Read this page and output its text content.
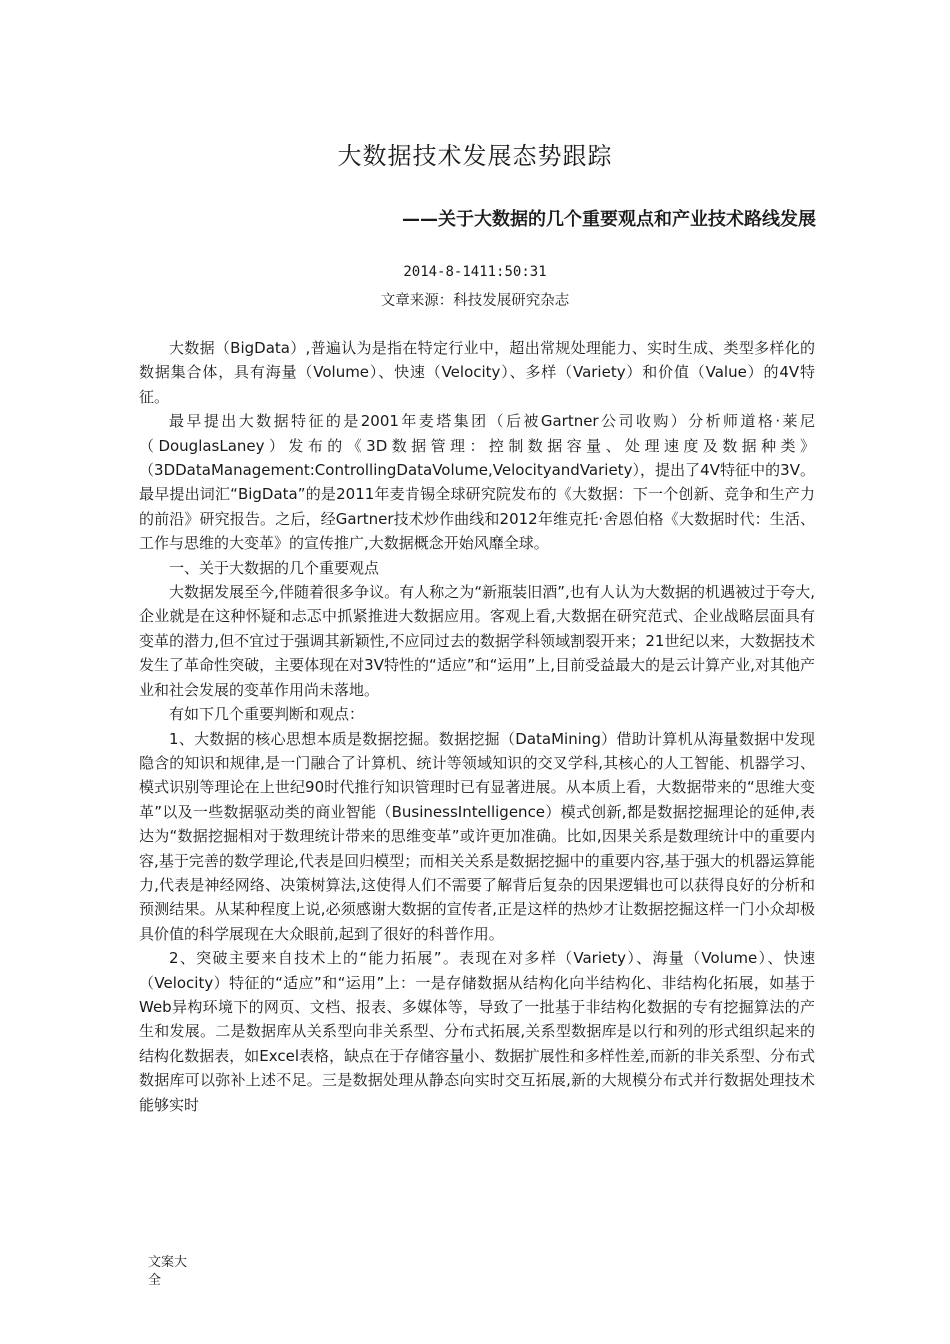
大数据技术发展态势跟踪
——关于大数据的几个重要观点和产业技术路线发展
2014-8-1411:50:31
文章来源：科技发展研究杂志

大数据（BigData）,普遍认为是指在特定行业中，超出常规处理能力、实时生成、类型多样化的数据集合体，具有海量（Volume）、快速（Velocity）、多样（Variety）和价值（Value）的4V特征。

最早提出大数据特征的是2001年麦塔集团（后被Gartner公司收购）分析师道格·莱尼（DouglasLaney）发布的《3D数据管理：控制数据容量、处理速度及数据种类》（3DDataManagement:ControllingDataVolume,VelocityandVariety），提出了4V特征中的3V。最早提出词汇“BigData”的是2011年麦肯锡全球研究院发布的《大数据：下一个创新、竞争和生产力的前沿》研究报告。之后，经Gartner技术炒作曲线和2012年维克托·舍恩伯格《大数据时代：生活、工作与思维的大变革》的宣传推广,大数据概念开始风靡全球。

一、关于大数据的几个重要观点

大数据发展至今,伴随着很多争议。有人称之为“新瓶装旧酒”,也有人认为大数据的机遇被过于夸大,企业就是在这种怀疑和忐忑中抓紧推进大数据应用。客观上看,大数据在研究范式、企业战略层面具有变革的潜力,但不宜过于强调其新颖性,不应同过去的数据学科领域割裂开来；21世纪以来，大数据技术发生了革命性突破，主要体现在对3V特性的“适应”和“运用”上,目前受益最大的是云计算产业,对其他产业和社会发展的变革作用尚未落地。

有如下几个重要判断和观点：

1、大数据的核心思想本质是数据挖掘。数据挖掘（DataMining）借助计算机从海量数据中发现隐含的知识和规律,是一门融合了计算机、统计等领域知识的交叉学科,其核心的人工智能、机器学习、模式识别等理论在上世纪90时代推行知识管理时已有显著进展。从本质上看，大数据带来的“思维大变革”以及一些数据驱动类的商业智能（BusinessIntelligence）模式创新,都是数据挖掘理论的延伸,表达为“数据挖掘相对于数理统计带来的思维变革”或许更加准确。比如,因果关系是数理统计中的重要内容,基于完善的数学理论,代表是回归模型；而相关关系是数据挖掘中的重要内容,基于强大的机器运算能力,代表是神经网络、决策树算法,这使得人们不需要了解背后复杂的因果逻辑也可以获得良好的分析和预测结果。从某种程度上说,必须感谢大数据的宣传者,正是这样的热炒才让数据挖掘这样一门小众却极具价值的科学展现在大众眼前,起到了很好的科普作用。

2、突破主要来自技术上的“能力拓展”。表现在对多样（Variety）、海量（Volume）、快速（Velocity）特征的“适应”和“运用”上：一是存储数据从结构化向半结构化、非结构化拓展，如基于Web异构环境下的网页、文档、报表、多媒体等，导致了一批基于非结构化数据的专有挖掘算法的产生和发展。二是数据库从关系型向非关系型、分布式拓展,关系型数据库是以行和列的形式组织起来的结构化数据表，如Excel表格，缺点在于存储容量小、数据扩展性和多样性差,而新的非关系型、分布式数据库可以弥补上述不足。三是数据处理从静态向实时交互拓展,新的大规模分布式并行数据处理技术能够实时

文案大全
